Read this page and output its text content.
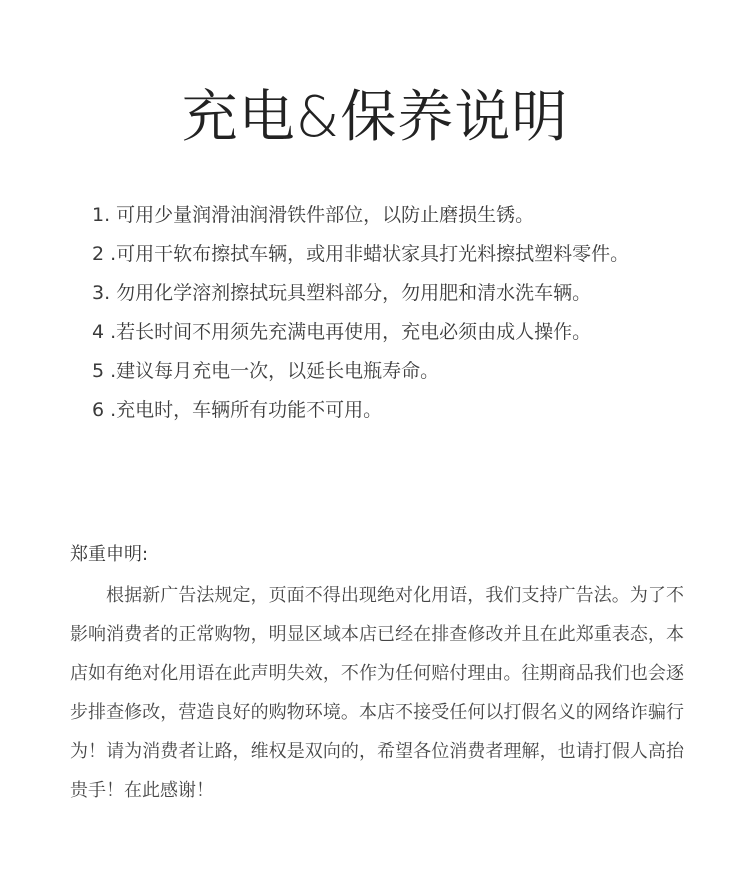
充电&保养说明
1. 可用少量润滑油润滑铁件部位，以防止磨损生锈。
2 .可用干软布擦拭车辆，或用非蜡状家具打光料擦拭塑料零件。
3. 勿用化学溶剂擦拭玩具塑料部分，勿用肥和清水洗车辆。
4 .若长时间不用须先充满电再使用，充电必须由成人操作。
5 .建议每月充电一次，以延长电瓶寿命。
6 .充电时，车辆所有功能不可用。
郑重申明:

根据新广告法规定，页面不得出现绝对化用语，我们支持广告法。为了不影响消费者的正常购物，明显区域本店已经在排查修改并且在此郑重表态，本店如有绝对化用语在此声明失效，不作为任何赔付理由。往期商品我们也会逐步排查修改，营造良好的购物环境。本店不接受任何以打假名义的网络诈骗行为！请为消费者让路，维权是双向的，希望各位消费者理解，也请打假人高抬贵手！在此感谢！
